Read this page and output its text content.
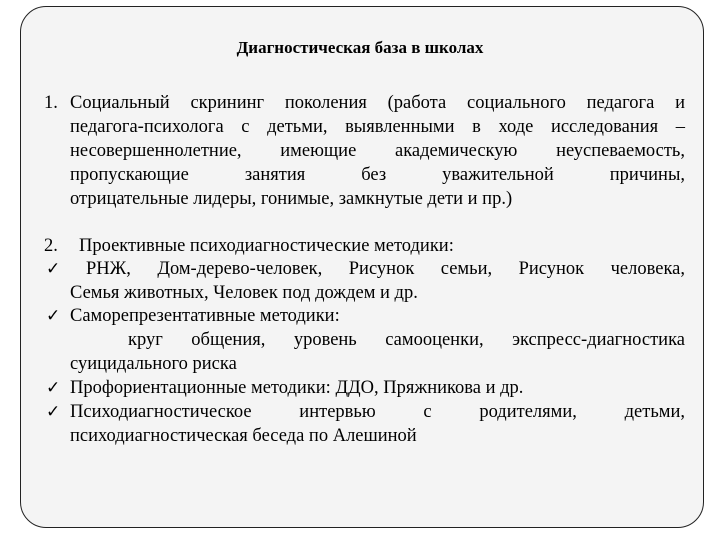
Диагностическая база в школах
1. Социальный скрининг поколения (работа социального педагога и
педагога-психолога с детьми, выявленными в ходе исследования –
несовершеннолетние, имеющие академическую неуспеваемость,
пропускающие занятия без уважительной причины,
отрицательные лидеры, гонимые, замкнутые дети и пр.)
2. Проективные психодиагностические методики:
✓ РНЖ, Дом-дерево-человек, Рисунок семьи, Рисунок человека,
Семья животных, Человек под дождем и др.
✓ Саморепрезентативные методики:
круг общения, уровень самооценки, экспресс-диагностика
суицидального риска
✓ Профориентационные методики: ДДО, Пряжникова и др.
✓ Психодиагностическое интервью с родителями, детьми,
психодиагностическая беседа по Алешиной
